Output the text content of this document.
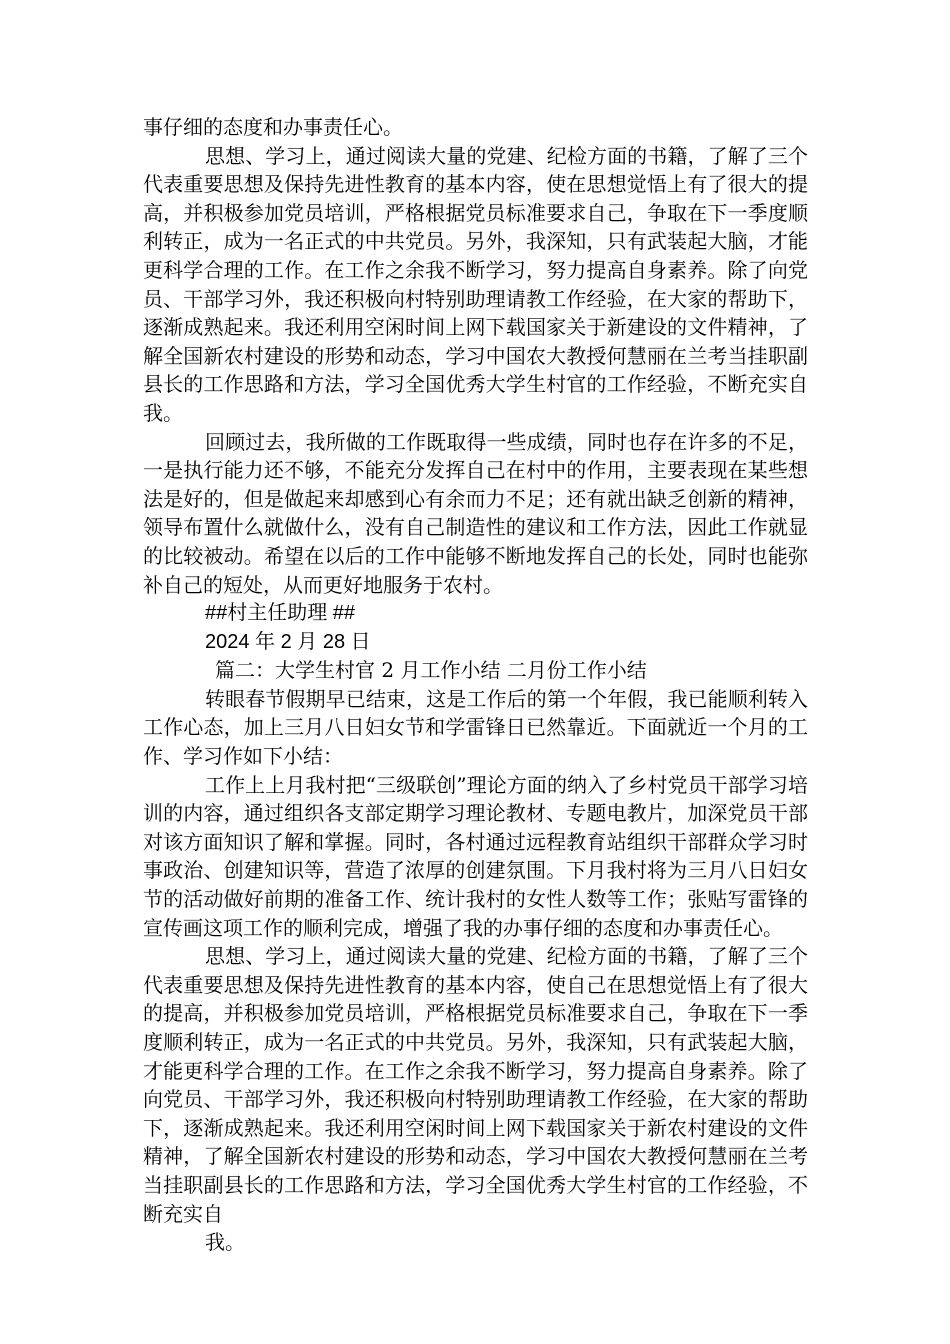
事仔细的态度和办事责任心。

思想、学习上，通过阅读大量的党建、纪检方面的书籍，了解了三个代表重要思想及保持先进性教育的基本内容，使在思想觉悟上有了很大的提高，并积极参加党员培训，严格根据党员标准要求自己，争取在下一季度顺利转正，成为一名正式的中共党员。另外，我深知，只有武装起大脑，才能更科学合理的工作。在工作之余我不断学习，努力提高自身素养。除了向党员、干部学习外，我还积极向村特别助理请教工作经验，在大家的帮助下，逐渐成熟起来。我还利用空闲时间上网下载国家关于新建设的文件精神，了解全国新农村建设的形势和动态，学习中国农大教授何慧丽在兰考当挂职副县长的工作思路和方法，学习全国优秀大学生村官的工作经验，不断充实自我。

回顾过去，我所做的工作既取得一些成绩，同时也存在许多的不足，一是执行能力还不够，不能充分发挥自己在村中的作用，主要表现在某些想法是好的，但是做起来却感到心有余而力不足；还有就出缺乏创新的精神，领导布置什么就做什么，没有自己制造性的建议和工作方法，因此工作就显的比较被动。希望在以后的工作中能够不断地发挥自己的长处，同时也能弥补自己的短处，从而更好地服务于农村。

##村主任助理 ##

2024 年 2 月 28 日

篇二：大学生村官 2 月工作小结 二月份工作小结

转眼春节假期早已结束，这是工作后的第一个年假，我已能顺利转入工作心态，加上三月八日妇女节和学雷锋日已然靠近。下面就近一个月的工作、学习作如下小结：

工作上上月我村把“三级联创”理论方面的纳入了乡村党员干部学习培训的内容，通过组织各支部定期学习理论教材、专题电教片，加深党员干部对该方面知识了解和掌握。同时，各村通过远程教育站组织干部群众学习时事政治、创建知识等，营造了浓厚的创建氛围。下月我村将为三月八日妇女节的活动做好前期的准备工作、统计我村的女性人数等工作；张贴写雷锋的宣传画这项工作的顺利完成，增强了我的办事仔细的态度和办事责任心。

思想、学习上，通过阅读大量的党建、纪检方面的书籍，了解了三个代表重要思想及保持先进性教育的基本内容，使自己在思想觉悟上有了很大的提高，并积极参加党员培训，严格根据党员标准要求自己，争取在下一季度顺利转正，成为一名正式的中共党员。另外，我深知，只有武装起大脑，才能更科学合理的工作。在工作之余我不断学习，努力提高自身素养。除了向党员、干部学习外，我还积极向村特别助理请教工作经验，在大家的帮助下，逐渐成熟起来。我还利用空闲时间上网下载国家关于新农村建设的文件精神，了解全国新农村建设的形势和动态，学习中国农大教授何慧丽在兰考当挂职副县长的工作思路和方法，学习全国优秀大学生村官的工作经验，不断充实自

我。
